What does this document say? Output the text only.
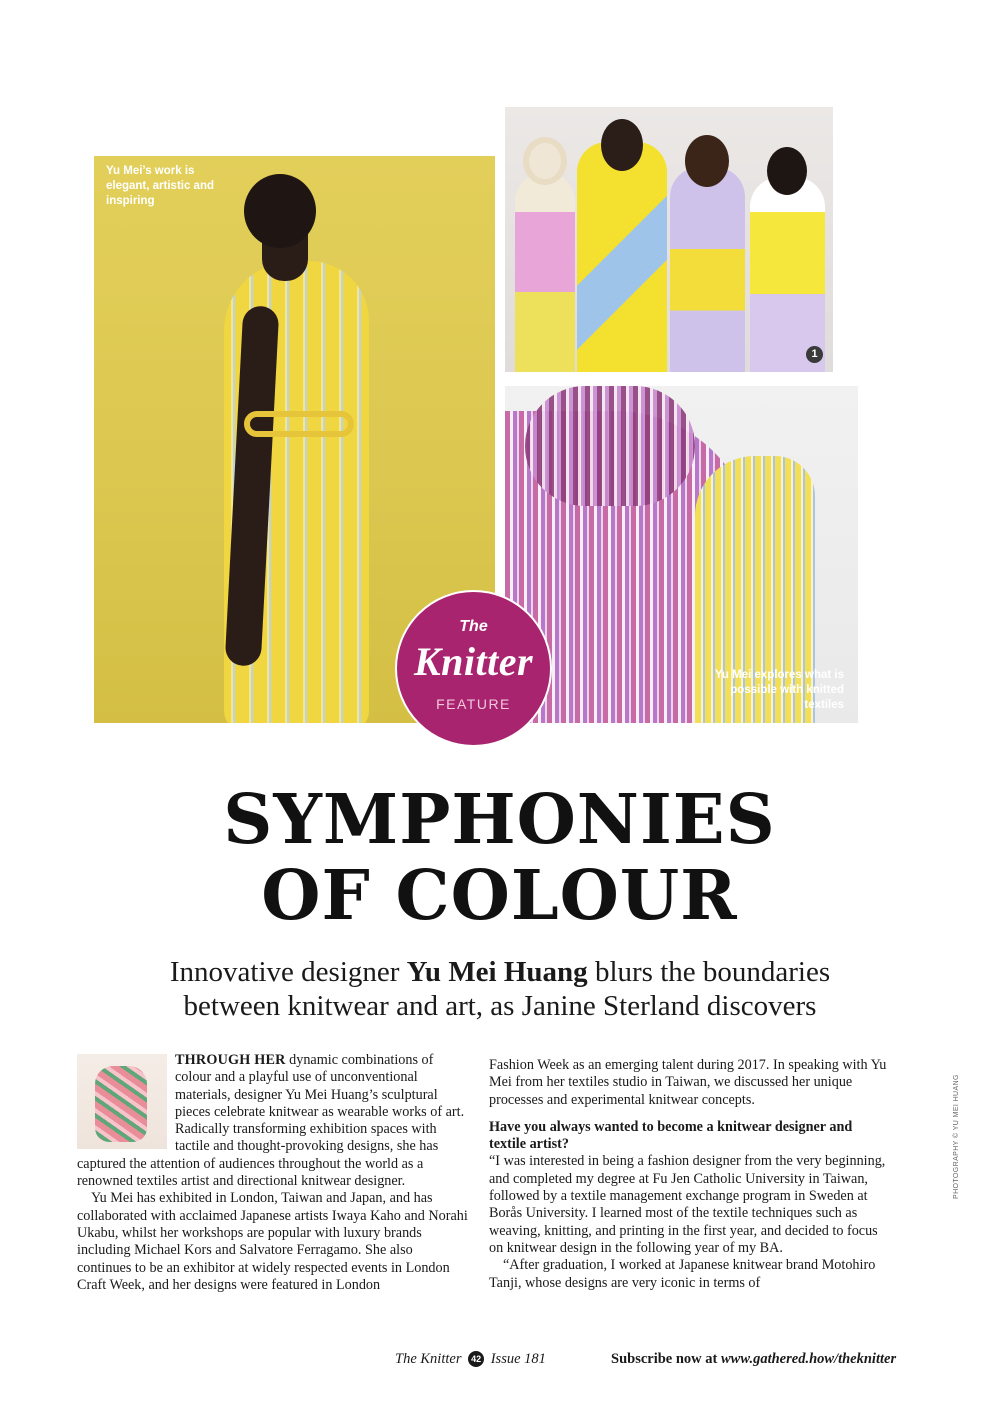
Yu Mei’s work is elegant, artistic and inspiring
1
Yu Mei explores what is possible with knitted textiles
The
Knitter
FEATURE
SYMPHONIES
OF COLOUR
Innovative designer Yu Mei Huang blurs the boundaries
between knitwear and art, as Janine Sterland discovers

THROUGH HER dynamic combinations of colour and a playful use of unconventional materials, designer Yu Mei Huang’s sculptural pieces celebrate knitwear as wearable works of art. Radically transforming exhibition spaces with tactile and thought-provoking designs, she has captured the attention of audiences throughout the world as a renowned textiles artist and directional knitwear designer.

Yu Mei has exhibited in London, Taiwan and Japan, and has collaborated with acclaimed Japanese artists Iwaya Kaho and Norahi Ukabu, whilst her workshops are popular with luxury brands including Michael Kors and Salvatore Ferragamo. She also continues to be an exhibitor at widely respected events in London Craft Week, and her designs were featured in London

Fashion Week as an emerging talent during 2017. In speaking with Yu Mei from her textiles studio in Taiwan, we discussed her unique processes and experimental knitwear concepts.

Have you always wanted to become a knitwear designer and textile artist?

“I was interested in being a fashion designer from the very beginning, and completed my degree at Fu Jen Catholic University in Taiwan, followed by a textile management exchange program in Sweden at Borås University. I learned most of the textile techniques such as weaving, knitting, and printing in the first year, and decided to focus on knitwear design in the following year of my BA.

“After graduation, I worked at Japanese knitwear brand Motohiro Tanji, whose designs are very iconic in terms of

PHOTOGRAPHY © YU MEI HUANG
The Knitter 42 Issue 181	Subscribe now at www.gathered.how/theknitter
